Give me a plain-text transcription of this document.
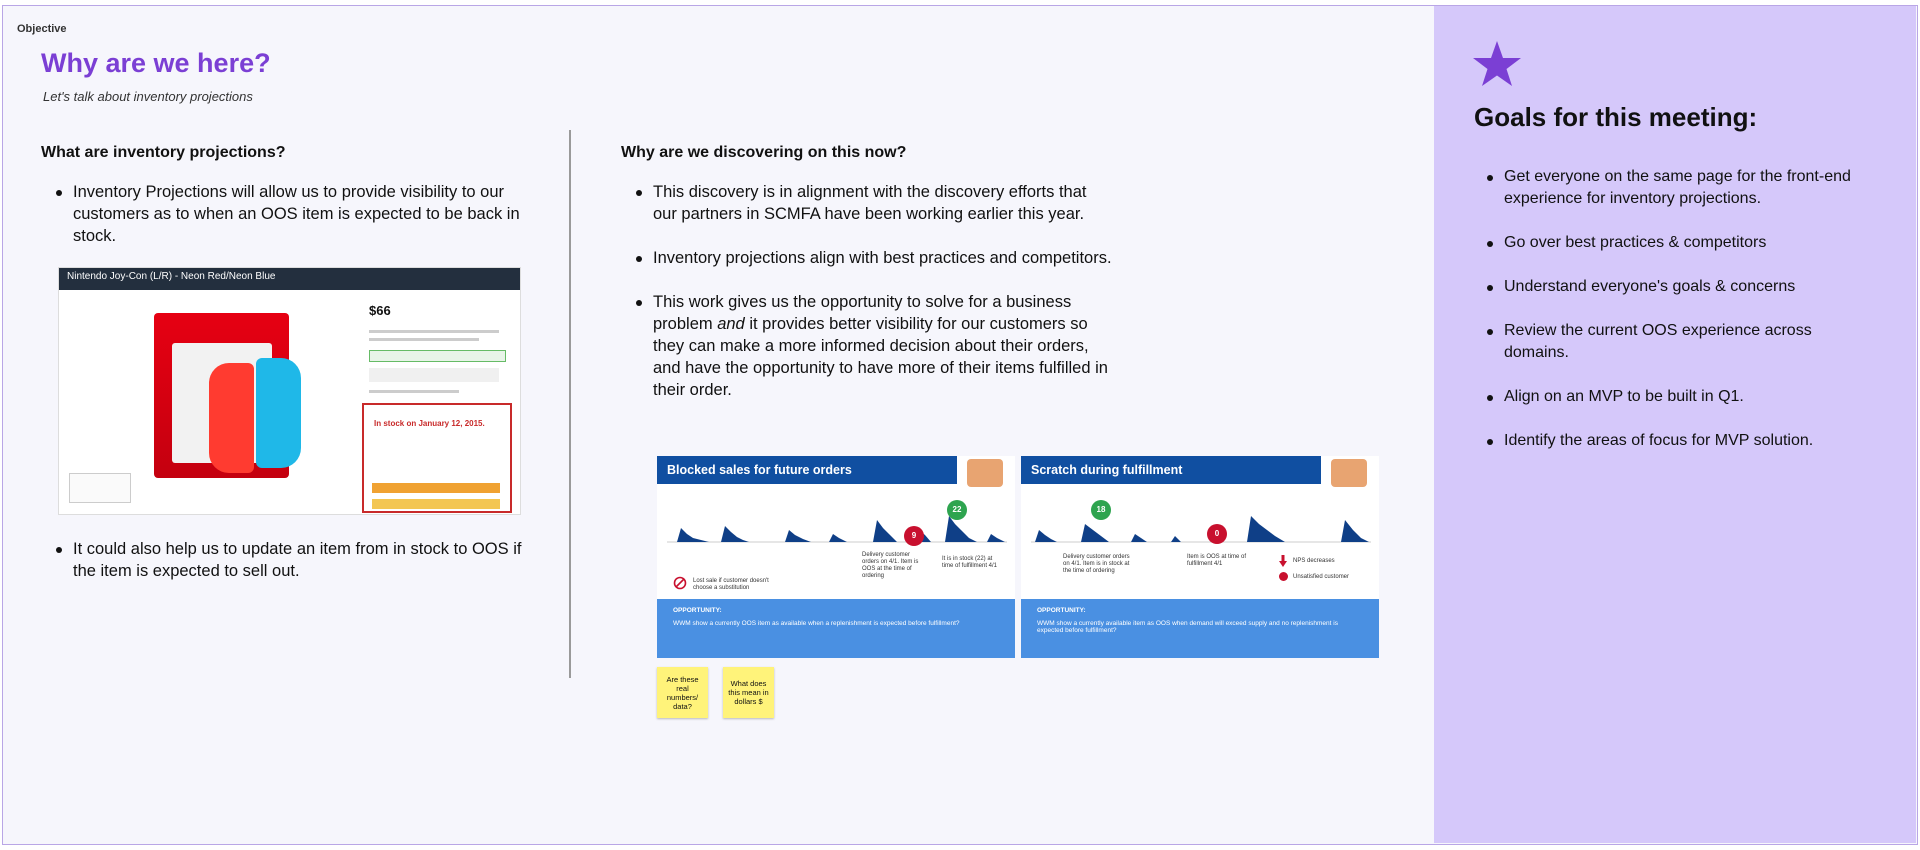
Objective
Why are we here?
Let's talk about inventory projections
What are inventory projections?
Inventory Projections will allow us to provide visibility to our customers as to when an OOS item is expected to be back in stock.
Nintendo Joy-Con (L/R) - Neon Red/Neon Blue
$66
In stock on January 12, 2015.
It could also help us to update an item from in stock to OOS if the item is expected to sell out.
Why are we discovering on this now?
This discovery is in alignment with the discovery efforts that our partners in SCMFA have been working earlier this year.
Inventory projections align with best practices and competitors.
This work gives us the opportunity to solve for a business problem and it provides better visibility for our customers so they can make a more informed decision about their orders, and have the opportunity to have more of their items fulfilled in their order.
Blocked sales for future orders
9
22
Delivery customer orders on 4/1. Item is OOS at the time of ordering
It is in stock (22) at time of fulfillment 4/1
Lost sale if customer doesn't choose a substitution
OPPORTUNITY:
WWM show a currently OOS item as available when a replenishment is expected before fulfillment?
Scratch during fulfillment
18
0
Delivery customer orders on 4/1. Item is in stock at the time of ordering
Item is OOS at time of fulfillment 4/1	NPS decreases
Unsatisfied customer
OPPORTUNITY:
WWM show a currently available item as OOS when demand will exceed supply and no replenishment is expected before fulfillment?
Are these real numbers/ data?
What does this mean in dollars $
Goals for this meeting:
Get everyone on the same page for the front-end experience for inventory projections.
Go over best practices & competitors
Understand everyone's goals & concerns
Review the current OOS experience across domains.
Align on an MVP to be built in Q1.
Identify the areas of focus for MVP solution.
